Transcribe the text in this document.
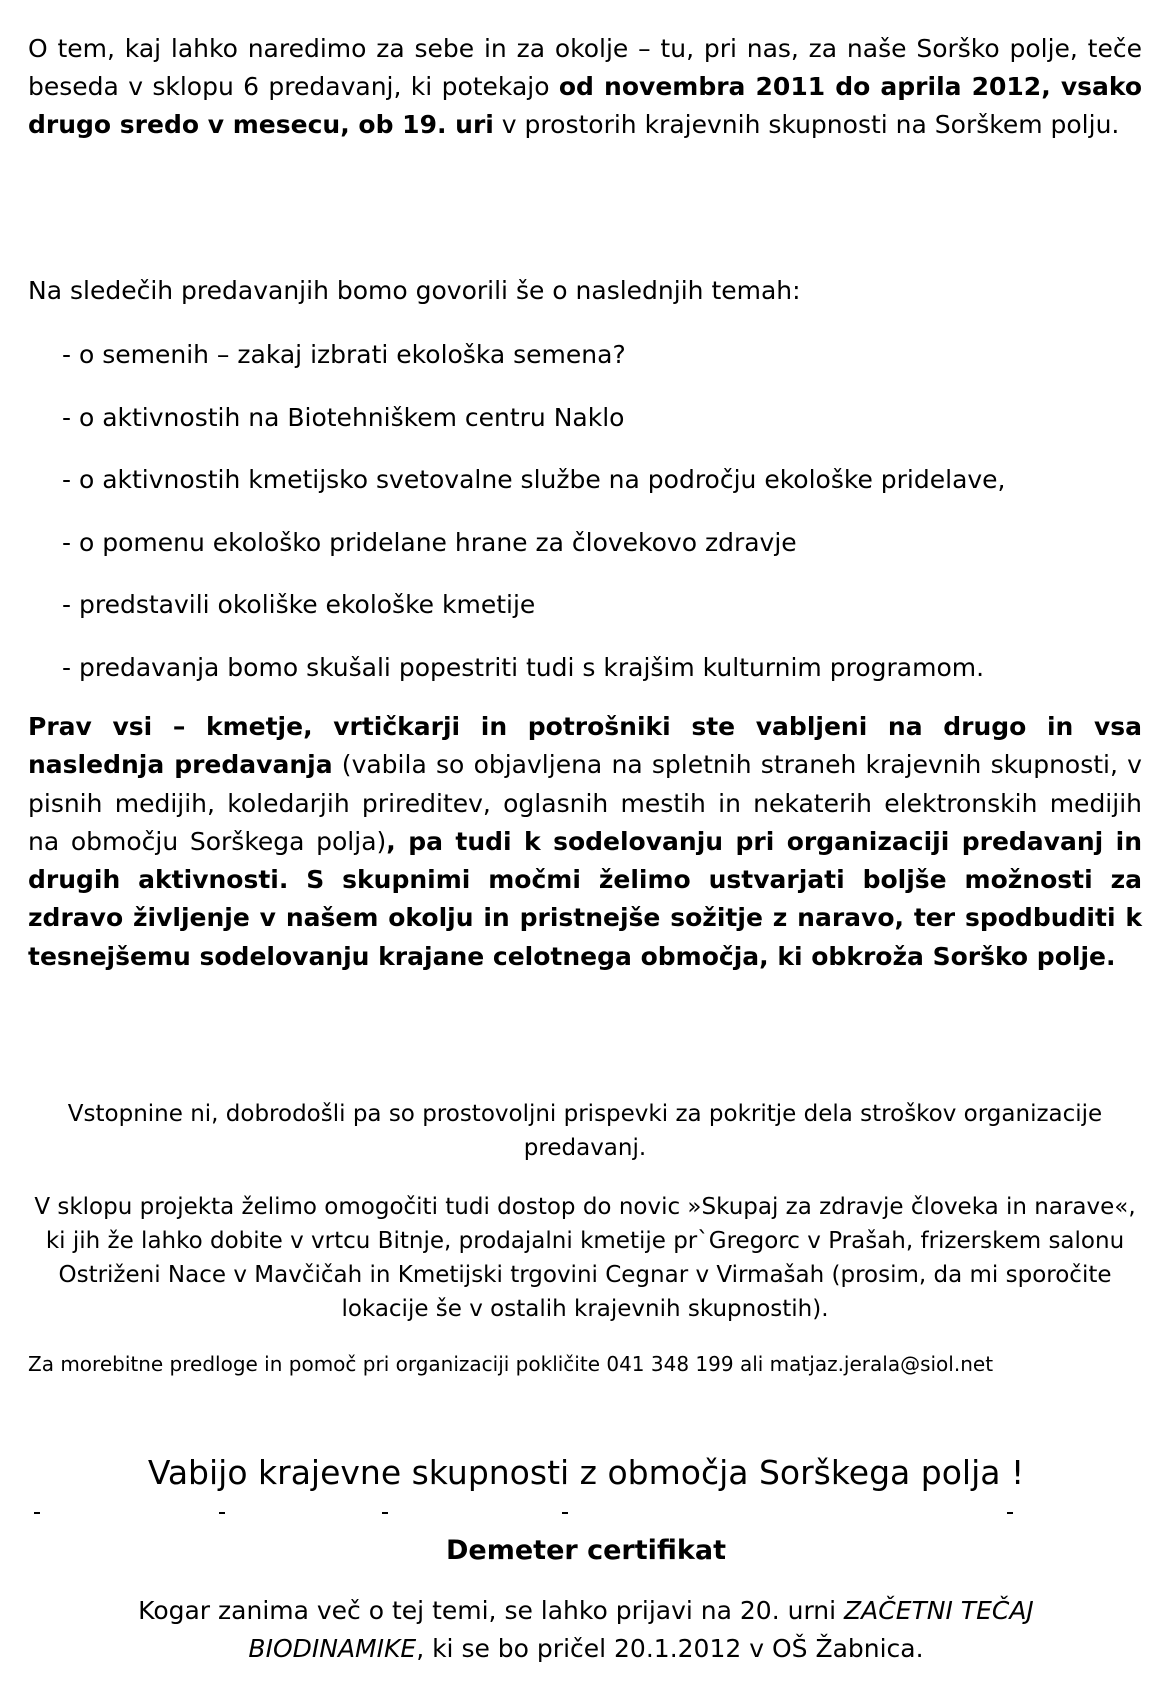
O tem, kaj lahko naredimo za sebe in za okolje – tu, pri nas, za naše Sorško polje, teče beseda v sklopu 6 predavanj, ki potekajo od novembra 2011 do aprila 2012, vsako drugo sredo v mesecu, ob 19. uri v prostorih krajevnih skupnosti na Sorškem polju.

Na sledečih predavanjih bomo govorili še o naslednjih temah:

- o semenih – zakaj izbrati ekološka semena?
- o aktivnostih na Biotehniškem centru Naklo
- o aktivnostih kmetijsko svetovalne službe na področju ekološke pridelave,
- o pomenu ekološko pridelane hrane za človekovo zdravje
- predstavili okoliške ekološke kmetije
- predavanja bomo skušali popestriti tudi s krajšim kulturnim programom.

Prav vsi – kmetje, vrtičkarji in potrošniki ste vabljeni na drugo in vsa naslednja predavanja (vabila so objavljena na spletnih straneh krajevnih skupnosti, v pisnih medijih, koledarjih prireditev, oglasnih mestih in nekaterih elektronskih medijih na območju Sorškega polja), pa tudi k sodelovanju pri organizaciji predavanj in drugih aktivnosti. S skupnimi močmi želimo ustvarjati boljše možnosti za zdravo življenje v našem okolju in pristnejše sožitje z naravo, ter spodbuditi k tesnejšemu sodelovanju krajane celotnega območja, ki obkroža Sorško polje.

Vstopnine ni, dobrodošli pa so prostovoljni prispevki za pokritje dela stroškov organizacije predavanj.

V sklopu projekta želimo omogočiti tudi dostop do novic »Skupaj za zdravje človeka in narave«, ki jih že lahko dobite v vrtcu Bitnje, prodajalni kmetije pr`Gregorc v Prašah, frizerskem salonu Ostriženi Nace v Mavčičah in Kmetijski trgovini Cegnar v Virmašah (prosim, da mi sporočite lokacije še v ostalih krajevnih skupnostih).

Za morebitne predloge in pomoč pri organizaciji pokličite 041 348 199 ali matjaz.jerala@siol.net

Vabijo krajevne skupnosti z območja Sorškega polja !

Demeter certifikat

Kogar zanima več o tej temi, se lahko prijavi na 20. urni ZAČETNI TEČAJ BIODINAMIKE, ki se bo pričel 20.1.2012 v OŠ Žabnica.
